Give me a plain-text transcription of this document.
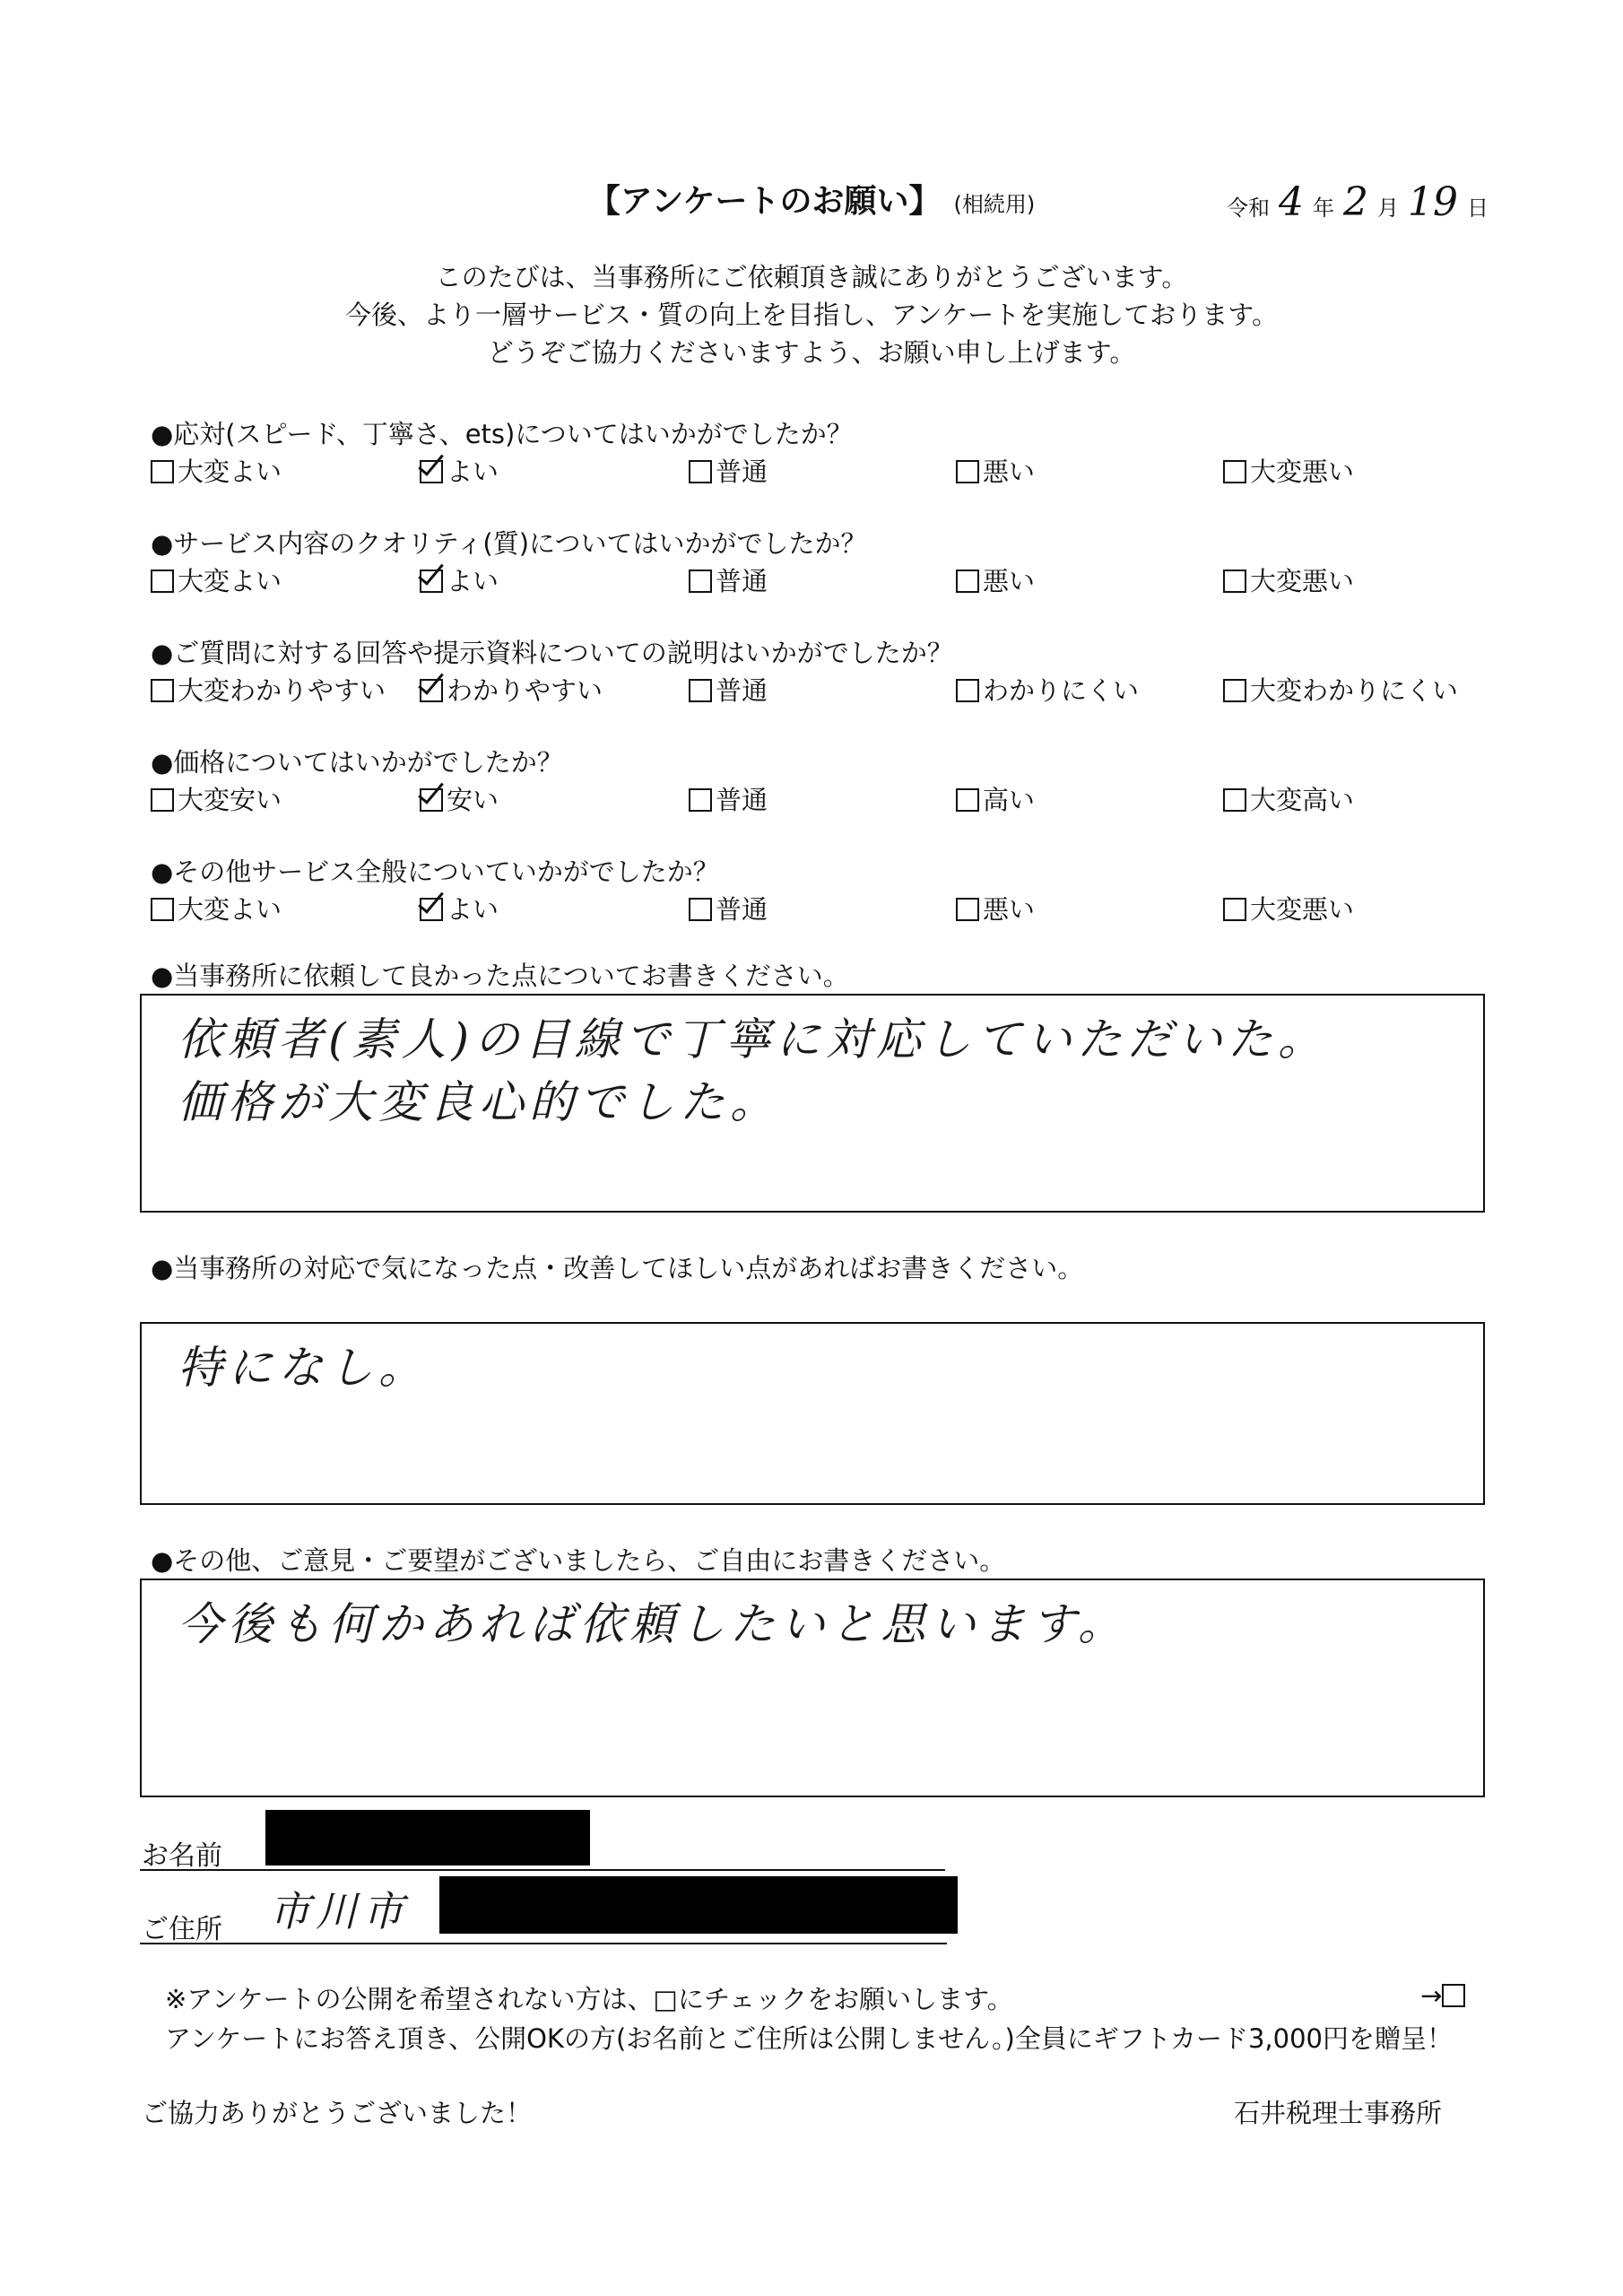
【アンケートのお願い】 (相続用)	令和 4 年 2 月 19 日
このたびは、当事務所にご依頼頂き誠にありがとうございます。
今後、より一層サービス・質の向上を目指し、アンケートを実施しております。
どうぞご協力くださいますよう、お願い申し上げます。
●応対(スピード、丁寧さ、ets)についてはいかがでしたか？
大変よい	よい	普通	悪い	大変悪い
●サービス内容のクオリティ(質)についてはいかがでしたか？
大変よい	よい	普通	悪い	大変悪い
●ご質問に対する回答や提示資料についての説明はいかがでしたか？
大変わかりやすい	わかりやすい	普通	わかりにくい	大変わかりにくい
●価格についてはいかがでしたか？
大変安い	安い	普通	高い	大変高い
●その他サービス全般についていかがでしたか？
大変よい	よい	普通	悪い	大変悪い
●当事務所に依頼して良かった点についてお書きください。
依頼者(素人)の目線で丁寧に対応していただいた。
価格が大変良心的でした。
●当事務所の対応で気になった点・改善してほしい点があればお書きください。
特になし。
●その他、ご意見・ご要望がございましたら、ご自由にお書きください。
今後も何かあれば依頼したいと思います。
お名前
ご住所	市川市
※アンケートの公開を希望されない方は、□にチェックをお願いします。	→
アンケートにお答え頂き、公開OKの方(お名前とご住所は公開しません。)全員にギフトカード3,000円を贈呈！
ご協力ありがとうございました！	石井税理士事務所
